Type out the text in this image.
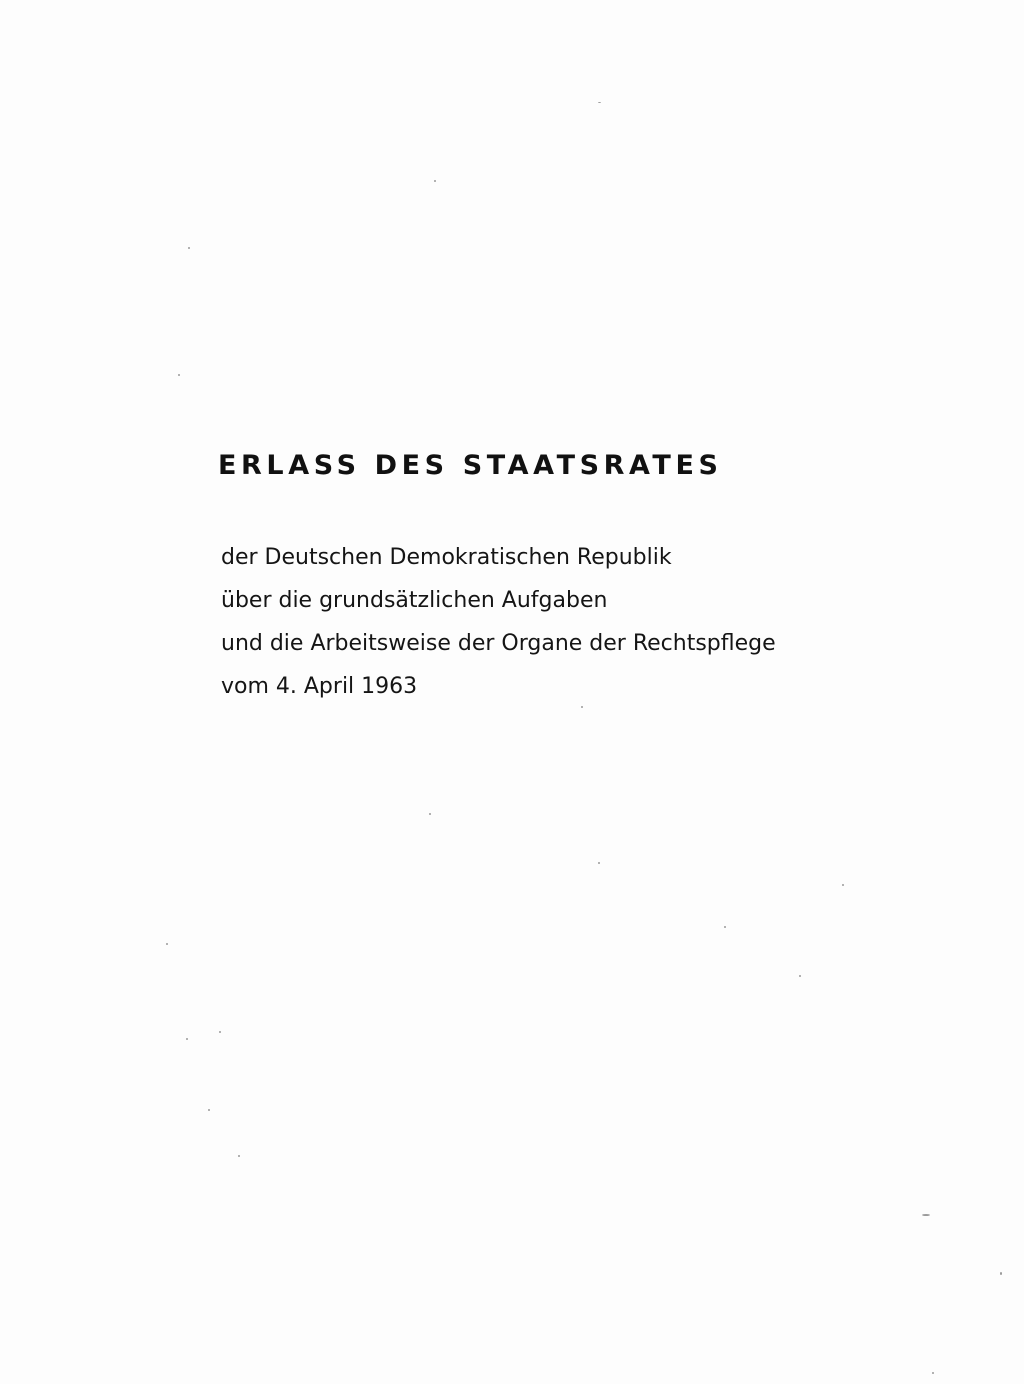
ERLASS DES STAATSRATES
der Deutschen Demokratischen Republik
über die grundsätzlichen Aufgaben
und die Arbeitsweise der Organe der Rechtspflege
vom 4. April 1963
